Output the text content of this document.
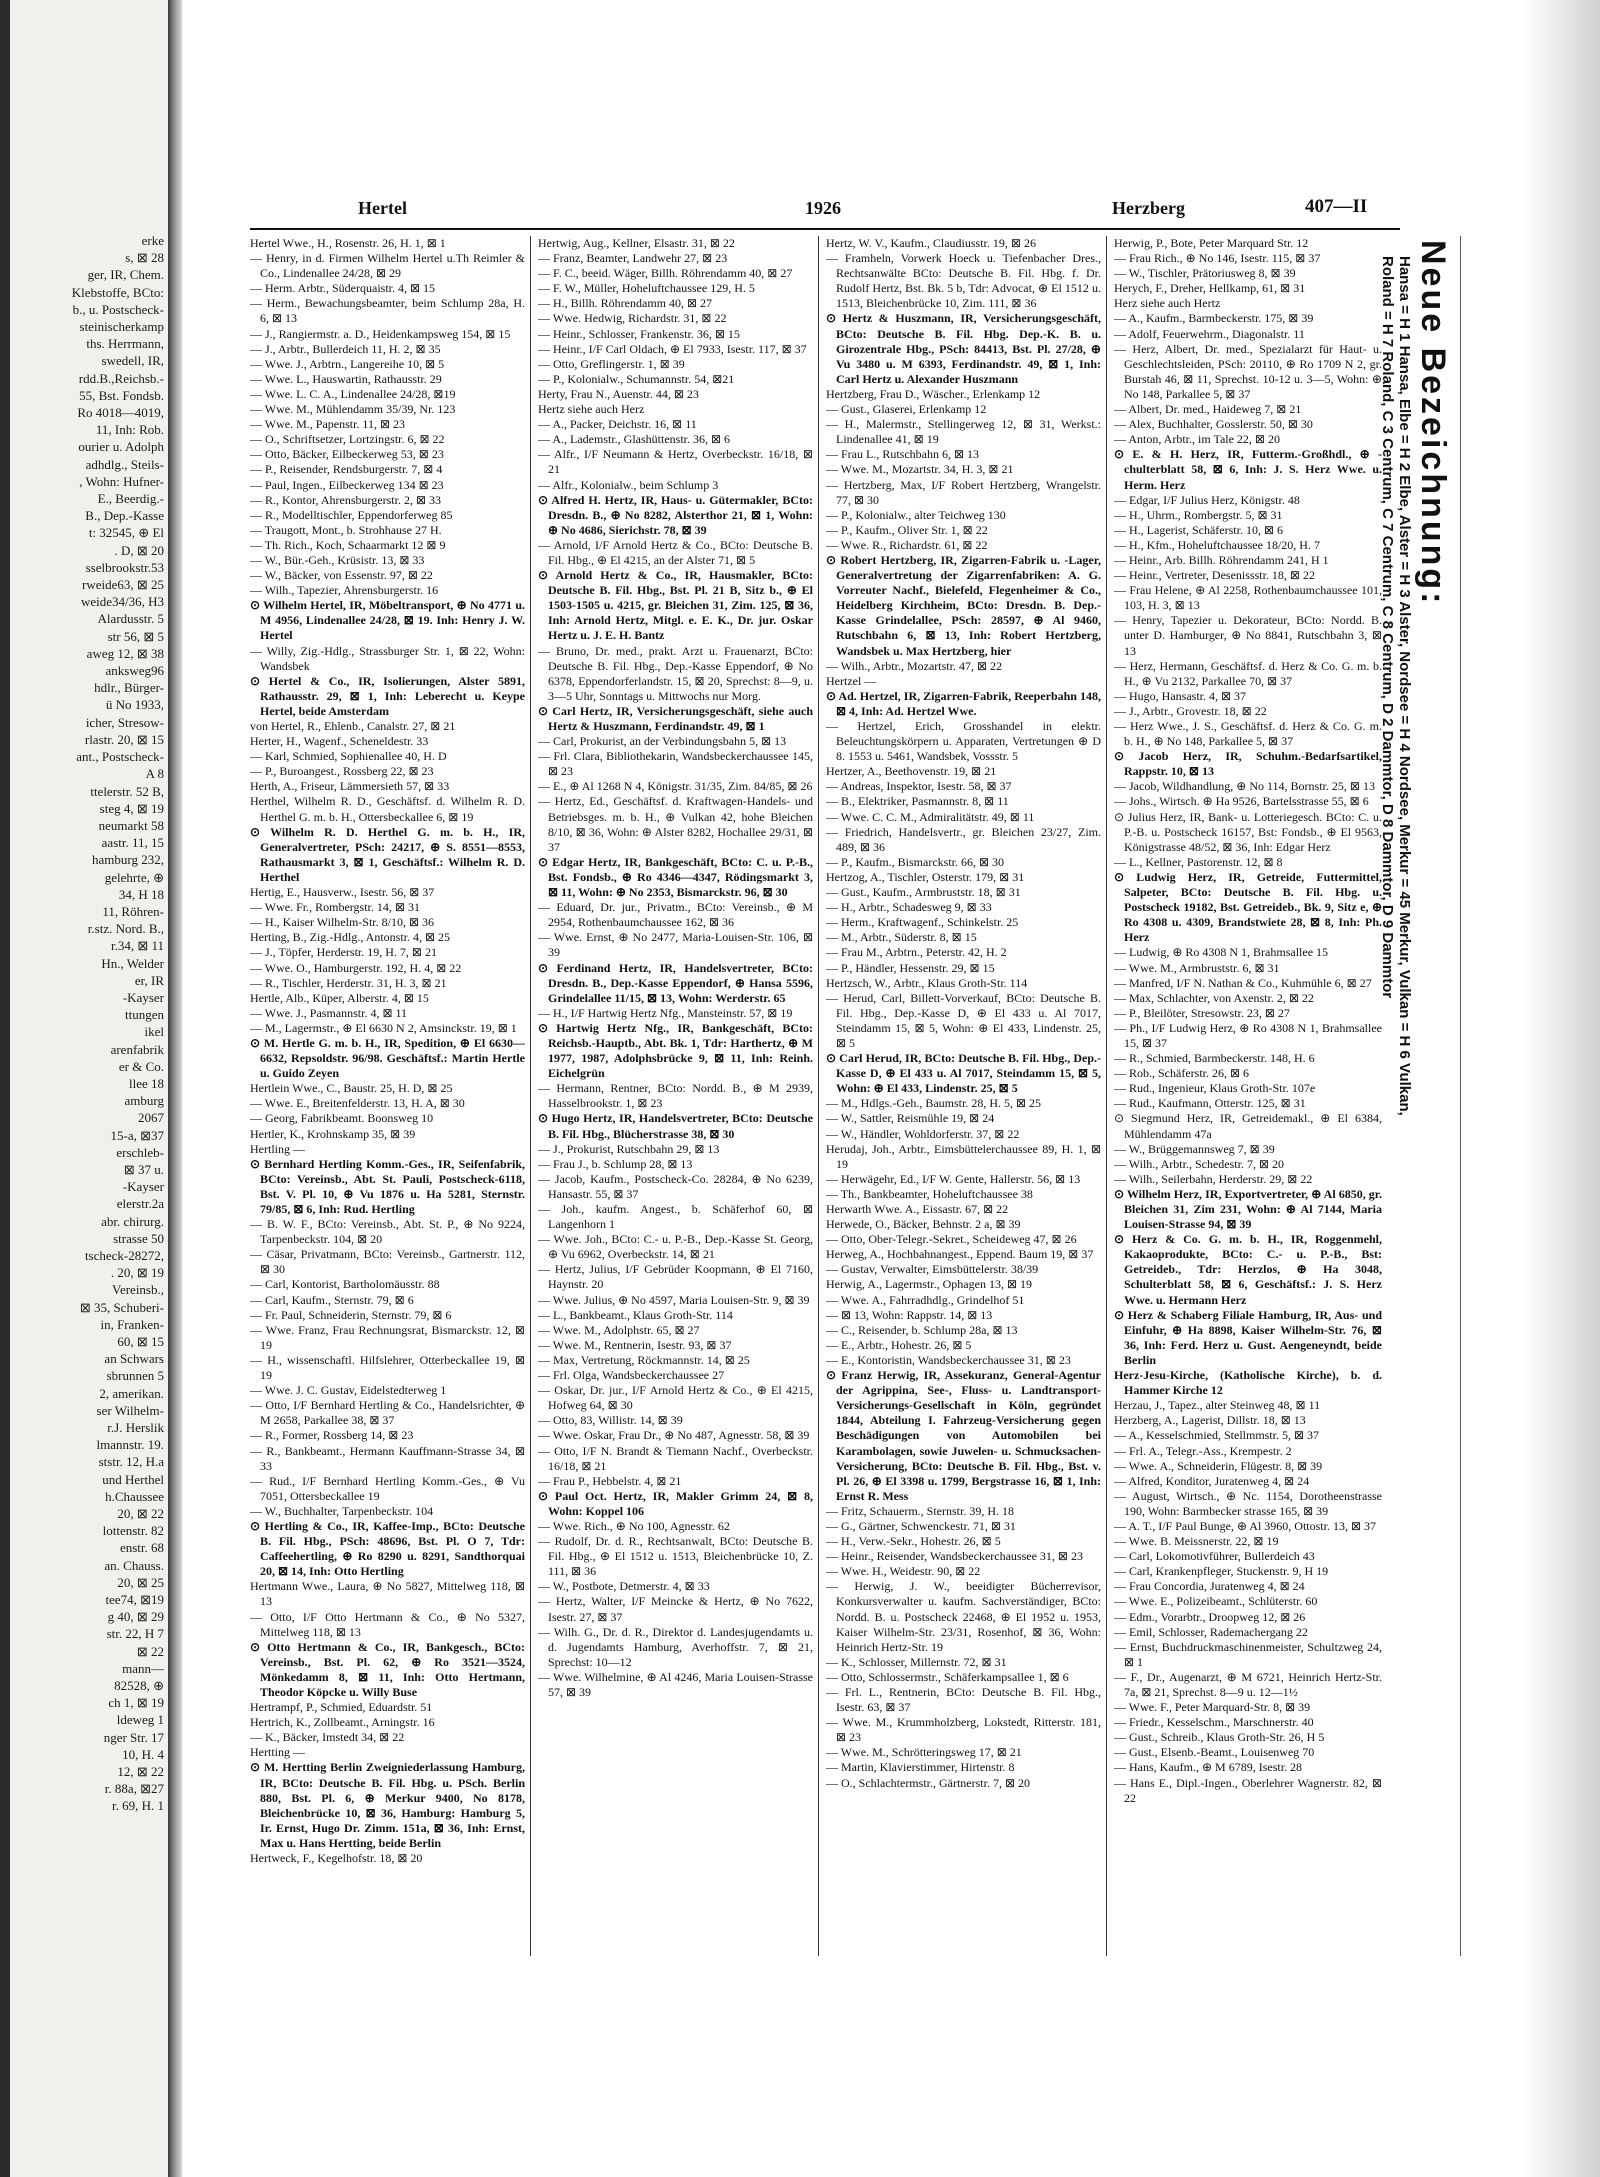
erke
s, ⊠ 28
ger, IR, Chem.
Klebstoffe, BCto:
b., u. Postscheck-
steinischerkamp
ths. Herrmann,
swedell, IR,
rdd.B.,Reichsb.-
55, Bst. Fondsb.
Ro 4018—4019,
11, Inh: Rob.
ourier u. Adolph
adhdlg., Steils-
, Wohn: Hufner-
E., Beerdig.-
B., Dep.-Kasse
t: 32545, ⊕ El
. D, ⊠ 20
sselbrookstr.53
rweide63, ⊠ 25
weide34/36, H3
Alardusstr. 5
str 56, ⊠ 5
aweg 12, ⊠ 38
anksweg96
hdlr., Bürger-
ü No 1933,
icher, Stresow-
rlastr. 20, ⊠ 15
ant., Postscheck-
A 8
ttelerstr. 52 B,
steg 4, ⊠ 19
neumarkt 58
aastr. 11, 15
hamburg 232,
gelehrte, ⊕
34, H 18
11, Röhren-
r.stz. Nord. B.,
r.34, ⊠ 11
Hn., Welder
er, IR
-Kayser
ttungen
ikel
arenfabrik
er & Co.
llee 18
amburg
2067
15-a, ⊠37
erschleb-
⊠ 37 u.
-Kayser
elerstr.2a
abr. chirurg.
strasse 50
tscheck-28272,
. 20, ⊠ 19
Vereinsb.,
⊠ 35, Schuberi-
in, Franken-
60, ⊠ 15
an Schwars
sbrunnen 5
2, amerikan.
ser Wilhelm-
r.J. Herslik
lmannstr. 19.
ststr. 12, H.a
und Herthel
h.Chaussee
20, ⊠ 22
lottenstr. 82
enstr. 68
an. Chauss.
20, ⊠ 25
tee74, ⊠19
g 40, ⊠ 29
str. 22, H 7
⊠ 22
mann—
82528, ⊕
ch 1, ⊠ 19
ldeweg 1
nger Str. 17
10, H. 4
12, ⊠ 22
r. 88a, ⊠27
r. 69, H. 1
Hertel	1926	Herzberg	407—II

Hertel Wwe., H., Rosenstr. 26, H. 1, ⊠ 1

— Henry, in d. Firmen Wilhelm Hertel u.Th Reimler & Co., Lindenallee 24/28, ⊠ 29

— Herm. Arbtr., Süderquaistr. 4, ⊠ 15

— Herm., Bewachungsbeamter, beim Schlump 28a, H. 6, ⊠ 13

— J., Rangiermstr. a. D., Heidenkampsweg 154, ⊠ 15

— J., Arbtr., Bullerdeich 11, H. 2, ⊠ 35

— Wwe. J., Arbtrn., Langereihe 10, ⊠ 5

— Wwe. L., Hauswartin, Rathausstr. 29

— Wwe. L. C. A., Lindenallee 24/28, ⊠19

— Wwe. M., Mühlendamm 35/39, Nr. 123

— Wwe. M., Papenstr. 11, ⊠ 23

— O., Schriftsetzer, Lortzingstr. 6, ⊠ 22

— Otto, Bäcker, Eilbeckerweg 53, ⊠ 23

— P., Reisender, Rendsburgerstr. 7, ⊠ 4

— Paul, Ingen., Eilbeckerweg 134 ⊠ 23

— R., Kontor, Ahrensburgerstr. 2, ⊠ 33

— R., Modelltischler, Eppendorferweg 85

— Traugott, Mont., b. Strohhause 27 H.

— Th. Rich., Koch, Schaarmarkt 12 ⊠ 9

— W., Bür.-Geh., Krüsistr. 13, ⊠ 33

— W., Bäcker, von Essenstr. 97, ⊠ 22

— Wilh., Tapezier, Ahrensburgerstr. 16

⊙ Wilhelm Hertel, IR, Möbeltransport, ⊕ No 4771 u. M 4956, Lindenallee 24/28, ⊠ 19. Inh: Henry J. W. Hertel

— Willy, Zig.-Hdlg., Strassburger Str. 1, ⊠ 22, Wohn: Wandsbek

⊙ Hertel & Co., IR, Isolierungen, Alster 5891, Rathausstr. 29, ⊠ 1, Inh: Leberecht u. Keype Hertel, beide Amsterdam

von Hertel, R., Ehlenb., Canalstr. 27, ⊠ 21

Herter, H., Wagenf., Scheneldestr. 33

— Karl, Schmied, Sophienallee 40, H. D

— P., Buroangest., Rossberg 22, ⊠ 23

Herth, A., Friseur, Lämmersieth 57, ⊠ 33

Herthel, Wilhelm R. D., Geschäftsf. d. Wilhelm R. D. Herthel G. m. b. H., Ottersbeckallee 6, ⊠ 19

⊙ Wilhelm R. D. Herthel G. m. b. H., IR, Generalvertreter, PSch: 24217, ⊕ S. 8551—8553, Rathausmarkt 3, ⊠ 1, Geschäftsf.: Wilhelm R. D. Herthel

Hertig, E., Hausverw., Isestr. 56, ⊠ 37

— Wwe. Fr., Rombergstr. 14, ⊠ 31

— H., Kaiser Wilhelm-Str. 8/10, ⊠ 36

Herting, B., Zig.-Hdlg., Antonstr. 4, ⊠ 25

— J., Töpfer, Herderstr. 19, H. 7, ⊠ 21

— Wwe. O., Hamburgerstr. 192, H. 4, ⊠ 22

— R., Tischler, Herderstr. 31, H. 3, ⊠ 21

Hertle, Alb., Küper, Alberstr. 4, ⊠ 15

— Wwe. J., Pasmannstr. 4, ⊠ 11

— M., Lagermstr., ⊕ El 6630 N 2, Amsinckstr. 19, ⊠ 1

⊙ M. Hertle G. m. b. H., IR, Spedition, ⊕ El 6630—6632, Repsoldstr. 96/98. Geschäftsf.: Martin Hertle u. Guido Zeyen

Hertlein Wwe., C., Baustr. 25, H. D, ⊠ 25

— Wwe. E., Breitenfelderstr. 13, H. A, ⊠ 30

— Georg, Fabrikbeamt. Boonsweg 10

Hertler, K., Krohnskamp 35, ⊠ 39

Hertling —

⊙ Bernhard Hertling Komm.-Ges., IR, Seifenfabrik, BCto: Vereinsb., Abt. St. Pauli, Postscheck-6118, Bst. V. Pl. 10, ⊕ Vu 1876 u. Ha 5281, Sternstr. 79/85, ⊠ 6, Inh: Rud. Hertling

— B. W. F., BCto: Vereinsb., Abt. St. P., ⊕ No 9224, Tarpenbeckstr. 104, ⊠ 20

— Cäsar, Privatmann, BCto: Vereinsb., Gartnerstr. 112, ⊠ 30

— Carl, Kontorist, Bartholomäusstr. 88

— Carl, Kaufm., Sternstr. 79, ⊠ 6

— Fr. Paul, Schneiderin, Sternstr. 79, ⊠ 6

— Wwe. Franz, Frau Rechnungsrat, Bismarckstr. 12, ⊠ 19

— H., wissenschaftl. Hilfslehrer, Otterbeckallee 19, ⊠ 19

— Wwe. J. C. Gustav, Eidelstedterweg 1

— Otto, I/F Bernhard Hertling & Co., Handelsrichter, ⊕ M 2658, Parkallee 38, ⊠ 37

— R., Former, Rossberg 14, ⊠ 23

— R., Bankbeamt., Hermann Kauffmann-Strasse 34, ⊠ 33

— Rud., I/F Bernhard Hertling Komm.-Ges., ⊕ Vu 7051, Ottersbeckallee 19

— W., Buchhalter, Tarpenbeckstr. 104

⊙ Hertling & Co., IR, Kaffee-Imp., BCto: Deutsche B. Fil. Hbg., PSch: 48696, Bst. Pl. O 7, Tdr: Caffeehertling, ⊕ Ro 8290 u. 8291, Sandthorquai 20, ⊠ 14, Inh: Otto Hertling

Hertmann Wwe., Laura, ⊕ No 5827, Mittelweg 118, ⊠ 13

— Otto, I/F Otto Hertmann & Co., ⊕ No 5327, Mittelweg 118, ⊠ 13

⊙ Otto Hertmann & Co., IR, Bankgesch., BCto: Vereinsb., Bst. Pl. 62, ⊕ Ro 3521—3524, Mönkedamm 8, ⊠ 11, Inh: Otto Hertmann, Theodor Köpcke u. Willy Buse

Hertrampf, P., Schmied, Eduardstr. 51

Hertrich, K., Zollbeamt., Arningstr. 16

— K., Bäcker, Imstedt 34, ⊠ 22

Hertting —

⊙ M. Hertting Berlin Zweigniederlassung Hamburg, IR, BCto: Deutsche B. Fil. Hbg. u. PSch. Berlin 880, Bst. Pl. 6, ⊕ Merkur 9400, No 8178, Bleichenbrücke 10, ⊠ 36, Hamburg: Hamburg 5, Ir. Ernst, Hugo Dr. Zimm. 151a, ⊠ 36, Inh: Ernst, Max u. Hans Hertting, beide Berlin

Hertweck, F., Kegelhofstr. 18, ⊠ 20

Hertwig, Aug., Kellner, Elsastr. 31, ⊠ 22

— Franz, Beamter, Landwehr 27, ⊠ 23

— F. C., beeid. Wäger, Billh. Röhrendamm 40, ⊠ 27

— F. W., Müller, Hoheluftchaussee 129, H. 5

— H., Billh. Röhrendamm 40, ⊠ 27

— Wwe. Hedwig, Richardstr. 31, ⊠ 22

— Heinr., Schlosser, Frankenstr. 36, ⊠ 15

— Heinr., I/F Carl Oldach, ⊕ El 7933, Isestr. 117, ⊠ 37

— Otto, Greflingerstr. 1, ⊠ 39

— P., Kolonialw., Schumannstr. 54, ⊠21

Herty, Frau N., Auenstr. 44, ⊠ 23

Hertz siehe auch Herz

— A., Packer, Deichstr. 16, ⊠ 11

— A., Lademstr., Glashüttenstr. 36, ⊠ 6

— Alfr., I/F Neumann & Hertz, Overbeckstr. 16/18, ⊠ 21

— Alfr., Kolonialw., beim Schlump 3

⊙ Alfred H. Hertz, IR, Haus- u. Gütermakler, BCto: Dresdn. B., ⊕ No 8282, Alsterthor 21, ⊠ 1, Wohn: ⊕ No 4686, Sierichstr. 78, ⊠ 39

— Arnold, I/F Arnold Hertz & Co., BCto: Deutsche B. Fil. Hbg., ⊕ El 4215, an der Alster 71, ⊠ 5

⊙ Arnold Hertz & Co., IR, Hausmakler, BCto: Deutsche B. Fil. Hbg., Bst. Pl. 21 B, Sitz b., ⊕ El 1503-1505 u. 4215, gr. Bleichen 31, Zim. 125, ⊠ 36, Inh: Arnold Hertz, Mitgl. e. E. K., Dr. jur. Oskar Hertz u. J. E. H. Bantz

— Bruno, Dr. med., prakt. Arzt u. Frauenarzt, BCto: Deutsche B. Fil. Hbg., Dep.-Kasse Eppendorf, ⊕ No 6378, Eppendorferlandstr. 15, ⊠ 20, Sprechst: 8—9, u. 3—5 Uhr, Sonntags u. Mittwochs nur Morg.

⊙ Carl Hertz, IR, Versicherungsgeschäft, siehe auch Hertz & Huszmann, Ferdinandstr. 49, ⊠ 1

— Carl, Prokurist, an der Verbindungsbahn 5, ⊠ 13

— Frl. Clara, Bibliothekarin, Wandsbeckerchaussee 145, ⊠ 23

— E., ⊕ Al 1268 N 4, Königstr. 31/35, Zim. 84/85, ⊠ 26

— Hertz, Ed., Geschäftsf. d. Kraftwagen-Handels- und Betriebsges. m. b. H., ⊕ Vulkan 42, hohe Bleichen 8/10, ⊠ 36, Wohn: ⊕ Alster 8282, Hochallee 29/31, ⊠ 37

⊙ Edgar Hertz, IR, Bankgeschäft, BCto: C. u. P.-B., Bst. Fondsb., ⊕ Ro 4346—4347, Rödingsmarkt 3, ⊠ 11, Wohn: ⊕ No 2353, Bismarckstr. 96, ⊠ 30

— Eduard, Dr. jur., Privatm., BCto: Vereinsb., ⊕ M 2954, Rothenbaumchaussee 162, ⊠ 36

— Wwe. Ernst, ⊕ No 2477, Maria-Louisen-Str. 106, ⊠ 39

⊙ Ferdinand Hertz, IR, Handelsvertreter, BCto: Dresdn. B., Dep.-Kasse Eppendorf, ⊕ Hansa 5596, Grindelallee 11/15, ⊠ 13, Wohn: Werderstr. 65

— H., I/F Hartwig Hertz Nfg., Mansteinstr. 57, ⊠ 19

⊙ Hartwig Hertz Nfg., IR, Bankgeschäft, BCto: Reichsb.-Hauptb., Abt. Bk. 1, Tdr: Harthertz, ⊕ M 1977, 1987, Adolphsbrücke 9, ⊠ 11, Inh: Reinh. Eichelgrün

— Hermann, Rentner, BCto: Nordd. B., ⊕ M 2939, Hasselbrookstr. 1, ⊠ 23

⊙ Hugo Hertz, IR, Handelsvertreter, BCto: Deutsche B. Fil. Hbg., Blücherstrasse 38, ⊠ 30

— J., Prokurist, Rutschbahn 29, ⊠ 13

— Frau J., b. Schlump 28, ⊠ 13

— Jacob, Kaufm., Postscheck-Co. 28284, ⊕ No 6239, Hansastr. 55, ⊠ 37

— Joh., kaufm. Angest., b. Schäferhof 60, ⊠ Langenhorn 1

— Wwe. Joh., BCto: C.- u. P.-B., Dep.-Kasse St. Georg, ⊕ Vu 6962, Overbeckstr. 14, ⊠ 21

— Hertz, Julius, I/F Gebrüder Koopmann, ⊕ El 7160, Haynstr. 20

— Wwe. Julius, ⊕ No 4597, Maria Louisen-Str. 9, ⊠ 39

— L., Bankbeamt., Klaus Groth-Str. 114

— Wwe. M., Adolphstr. 65, ⊠ 27

— Wwe. M., Rentnerin, Isestr. 93, ⊠ 37

— Max, Vertretung, Röckmannstr. 14, ⊠ 25

— Frl. Olga, Wandsbeckerchaussee 27

— Oskar, Dr. jur., I/F Arnold Hertz & Co., ⊕ El 4215, Hofweg 64, ⊠ 30

— Otto, 83, Willistr. 14, ⊠ 39

— Wwe. Oskar, Frau Dr., ⊕ No 487, Agnesstr. 58, ⊠ 39

— Otto, I/F N. Brandt & Tiemann Nachf., Overbeckstr. 16/18, ⊠ 21

— Frau P., Hebbelstr. 4, ⊠ 21

⊙ Paul Oct. Hertz, IR, Makler Grimm 24, ⊠ 8, Wohn: Koppel 106

— Wwe. Rich., ⊕ No 100, Agnesstr. 62

— Rudolf, Dr. d. R., Rechtsanwalt, BCto: Deutsche B. Fil. Hbg., ⊕ El 1512 u. 1513, Bleichenbrücke 10, Z. 111, ⊠ 36

— W., Postbote, Detmerstr. 4, ⊠ 33

— Hertz, Walter, I/F Meincke & Hertz, ⊕ No 7622, Isestr. 27, ⊠ 37

— Wilh. G., Dr. d. R., Direktor d. Landesjugendamts u. d. Jugendamts Hamburg, Averhoffstr. 7, ⊠ 21, Sprechst: 10—12

— Wwe. Wilhelmine, ⊕ Al 4246, Maria Louisen-Strasse 57, ⊠ 39

Hertz, W. V., Kaufm., Claudiusstr. 19, ⊠ 26

— Framheln, Vorwerk Hoeck u. Tiefenbacher Dres., Rechtsanwälte BCto: Deutsche B. Fil. Hbg. f. Dr. Rudolf Hertz, Bst. Bk. 5 b, Tdr: Advocat, ⊕ El 1512 u. 1513, Bleichenbrücke 10, Zim. 111, ⊠ 36

⊙ Hertz & Huszmann, IR, Versicherungsgeschäft, BCto: Deutsche B. Fil. Hbg. Dep.-K. B. u. Girozentrale Hbg., PSch: 84413, Bst. Pl. 27/28, ⊕ Vu 3480 u. M 6393, Ferdinandstr. 49, ⊠ 1, Inh: Carl Hertz u. Alexander Huszmann

Hertzberg, Frau D., Wäscher., Erlenkamp 12

— Gust., Glaserei, Erlenkamp 12

— H., Malermstr., Stellingerweg 12, ⊠ 31, Werkst.: Lindenallee 41, ⊠ 19

— Frau L., Rutschbahn 6, ⊠ 13

— Wwe. M., Mozartstr. 34, H. 3, ⊠ 21

— Hertzberg, Max, I/F Robert Hertzberg, Wrangelstr. 77, ⊠ 30

— P., Kolonialw., alter Teichweg 130

— P., Kaufm., Oliver Str. 1, ⊠ 22

— Wwe. R., Richardstr. 61, ⊠ 22

⊙ Robert Hertzberg, IR, Zigarren-Fabrik u. -Lager, Generalvertretung der Zigarrenfabriken: A. G. Vorreuter Nachf., Bielefeld, Flegenheimer & Co., Heidelberg Kirchheim, BCto: Dresdn. B. Dep.-Kasse Grindelallee, PSch: 28597, ⊕ Al 9460, Rutschbahn 6, ⊠ 13, Inh: Robert Hertzberg, Wandsbek u. Max Hertzberg, hier

— Wilh., Arbtr., Mozartstr. 47, ⊠ 22

Hertzel —

⊙ Ad. Hertzel, IR, Zigarren-Fabrik, Reeperbahn 148, ⊠ 4, Inh: Ad. Hertzel Wwe.

— Hertzel, Erich, Grosshandel in elektr. Beleuchtungskörpern u. Apparaten, Vertretungen ⊕ D 8. 1553 u. 5461, Wandsbek, Vossstr. 5

Hertzer, A., Beethovenstr. 19, ⊠ 21

— Andreas, Inspektor, Isestr. 58, ⊠ 37

— B., Elektriker, Pasmannstr. 8, ⊠ 11

— Wwe. C. C. M., Admiralitätstr. 49, ⊠ 11

— Friedrich, Handelsvertr., gr. Bleichen 23/27, Zim. 489, ⊠ 36

— P., Kaufm., Bismarckstr. 66, ⊠ 30

Hertzog, A., Tischler, Osterstr. 179, ⊠ 31

— Gust., Kaufm., Armbruststr. 18, ⊠ 31

— H., Arbtr., Schadesweg 9, ⊠ 33

— Herm., Kraftwagenf., Schinkelstr. 25

— M., Arbtr., Süderstr. 8, ⊠ 15

— Frau M., Arbtrn., Peterstr. 42, H. 2

— P., Händler, Hessenstr. 29, ⊠ 15

Hertzsch, W., Arbtr., Klaus Groth-Str. 114

— Herud, Carl, Billett-Vorverkauf, BCto: Deutsche B. Fil. Hbg., Dep.-Kasse D, ⊕ El 433 u. Al 7017, Steindamm 15, ⊠ 5, Wohn: ⊕ El 433, Lindenstr. 25, ⊠ 5

⊙ Carl Herud, IR, BCto: Deutsche B. Fil. Hbg., Dep.-Kasse D, ⊕ El 433 u. Al 7017, Steindamm 15, ⊠ 5, Wohn: ⊕ El 433, Lindenstr. 25, ⊠ 5

— M., Hdlgs.-Geh., Baumstr. 28, H. 5, ⊠ 25

— W., Sattler, Reismühle 19, ⊠ 24

— W., Händler, Wohldorferstr. 37, ⊠ 22

Herudaj, Joh., Arbtr., Eimsbüttelerchaussee 89, H. 1, ⊠ 19

— Herwägehr, Ed., I/F W. Gente, Hallerstr. 56, ⊠ 13

— Th., Bankbeamter, Hoheluftchaussee 38

Herwarth Wwe. A., Eissastr. 67, ⊠ 22

Herwede, O., Bäcker, Behnstr. 2 a, ⊠ 39

— Otto, Ober-Telegr.-Sekret., Scheideweg 47, ⊠ 26

Herweg, A., Hochbahnangest., Eppend. Baum 19, ⊠ 37

— Gustav, Verwalter, Eimsbüttelerstr. 38/39

Herwig, A., Lagermstr., Ophagen 13, ⊠ 19

— Wwe. A., Fahrradhdlg., Grindelhof 51

— ⊠ 13, Wohn: Rappstr. 14, ⊠ 13

— C., Reisender, b. Schlump 28a, ⊠ 13

— E., Arbtr., Hohestr. 26, ⊠ 5

— E., Kontoristin, Wandsbeckerchaussee 31, ⊠ 23

⊙ Franz Herwig, IR, Assekuranz, General-Agentur der Agrippina, See-, Fluss- u. Landtransport-Versicherungs-Gesellschaft in Köln, gegründet 1844, Abteilung I. Fahrzeug-Versicherung gegen Beschädigungen von Automobilen bei Karambolagen, sowie Juwelen- u. Schmucksachen-Versicherung, BCto: Deutsche B. Fil. Hbg., Bst. v. Pl. 26, ⊕ El 3398 u. 1799, Bergstrasse 16, ⊠ 1, Inh: Ernst R. Mess

— Fritz, Schauerm., Sternstr. 39, H. 18

— G., Gärtner, Schwenckestr. 71, ⊠ 31

— H., Verw.-Sekr., Hohestr. 26, ⊠ 5

— Heinr., Reisender, Wandsbeckerchaussee 31, ⊠ 23

— Wwe. H., Weidestr. 90, ⊠ 22

— Herwig, J. W., beeidigter Bücherrevisor, Konkursverwalter u. kaufm. Sachverständiger, BCto: Nordd. B. u. Postscheck 22468, ⊕ El 1952 u. 1953, Kaiser Wilhelm-Str. 23/31, Rosenhof, ⊠ 36, Wohn: Heinrich Hertz-Str. 19

— K., Schlosser, Millernstr. 72, ⊠ 31

— Otto, Schlossermstr., Schäferkampsallee 1, ⊠ 6

— Frl. L., Rentnerin, BCto: Deutsche B. Fil. Hbg., Isestr. 63, ⊠ 37

— Wwe. M., Krummholzberg, Lokstedt, Ritterstr. 181, ⊠ 23

— Wwe. M., Schrötteringsweg 17, ⊠ 21

— Martin, Klavierstimmer, Hirtenstr. 8

— O., Schlachtermstr., Gärtnerstr. 7, ⊠ 20

Herwig, P., Bote, Peter Marquard Str. 12

— Frau Rich., ⊕ No 146, Isestr. 115, ⊠ 37

— W., Tischler, Prätoriusweg 8, ⊠ 39

Herych, F., Dreher, Hellkamp, 61, ⊠ 31

Herz siehe auch Hertz

— A., Kaufm., Barmbeckerstr. 175, ⊠ 39

— Adolf, Feuerwehrm., Diagonalstr. 11

— Herz, Albert, Dr. med., Spezialarzt für Haut- u. Geschlechtsleiden, PSch: 20110, ⊕ Ro 1709 N 2, gr. Burstah 46, ⊠ 11, Sprechst. 10-12 u. 3—5, Wohn: ⊕ No 148, Parkallee 5, ⊠ 37

— Albert, Dr. med., Haideweg 7, ⊠ 21

— Alex, Buchhalter, Gosslerstr. 50, ⊠ 30

— Anton, Arbtr., im Tale 22, ⊠ 20

⊙ E. & H. Herz, IR, Futterm.-Großhdl., ⊕ -chulterblatt 58, ⊠ 6, Inh: J. S. Herz Wwe. u. Herm. Herz

— Edgar, I/F Julius Herz, Königstr. 48

— H., Uhrm., Rombergstr. 5, ⊠ 31

— H., Lagerist, Schäferstr. 10, ⊠ 6

— H., Kfm., Hoheluftchaussee 18/20, H. 7

— Heinr., Arb. Billh. Röhrendamm 241, H 1

— Heinr., Vertreter, Desenissstr. 18, ⊠ 22

— Frau Helene, ⊕ Al 2258, Rothenbaumchaussee 101, 103, H. 3, ⊠ 13

— Henry, Tapezier u. Dekorateur, BCto: Nordd. B. unter D. Hamburger, ⊕ No 8841, Rutschbahn 3, ⊠ 13

— Herz, Hermann, Geschäftsf. d. Herz & Co. G. m. b. H., ⊕ Vu 2132, Parkallee 70, ⊠ 37

— Hugo, Hansastr. 4, ⊠ 37

— J., Arbtr., Grovestr. 18, ⊠ 22

— Herz Wwe., J. S., Geschäftsf. d. Herz & Co. G. m. b. H., ⊕ No 148, Parkallee 5, ⊠ 37

⊙ Jacob Herz, IR, Schuhm.-Bedarfsartikel, Rappstr. 10, ⊠ 13

— Jacob, Wildhandlung, ⊕ No 114, Bornstr. 25, ⊠ 13

— Johs., Wirtsch. ⊕ Ha 9526, Bartelsstrasse 55, ⊠ 6

⊙ Julius Herz, IR, Bank- u. Lotteriegesch. BCto: C. u. P.-B. u. Postscheck 16157, Bst: Fondsb., ⊕ El 9563, Königstrasse 48/52, ⊠ 36, Inh: Edgar Herz

— L., Kellner, Pastorenstr. 12, ⊠ 8

⊙ Ludwig Herz, IR, Getreide, Futtermittel, Salpeter, BCto: Deutsche B. Fil. Hbg. u. Postscheck 19182, Bst. Getreideb., Bk. 9, Sitz e, ⊕ Ro 4308 u. 4309, Brandstwiete 28, ⊠ 8, Inh: Ph. Herz

— Ludwig, ⊕ Ro 4308 N 1, Brahmsallee 15

— Wwe. M., Armbruststr. 6, ⊠ 31

— Manfred, I/F N. Nathan & Co., Kuhmühle 6, ⊠ 27

— Max, Schlachter, von Axenstr. 2, ⊠ 22

— P., Bleilöter, Stresowstr. 23, ⊠ 27

— Ph., I/F Ludwig Herz, ⊕ Ro 4308 N 1, Brahmsallee 15, ⊠ 37

— R., Schmied, Barmbeckerstr. 148, H. 6

— Rob., Schäferstr. 26, ⊠ 6

— Rud., Ingenieur, Klaus Groth-Str. 107e

— Rud., Kaufmann, Otterstr. 125, ⊠ 31

⊙ Siegmund Herz, IR, Getreidemakl., ⊕ El 6384, Mühlendamm 47a

— W., Brüggemannsweg 7, ⊠ 39

— Wilh., Arbtr., Schedestr. 7, ⊠ 20

— Wilh., Seilerbahn, Herderstr. 29, ⊠ 22

⊙ Wilhelm Herz, IR, Exportvertreter, ⊕ Al 6850, gr. Bleichen 31, Zim 231, Wohn: ⊕ Al 7144, Maria Louisen-Strasse 94, ⊠ 39

⊙ Herz & Co. G. m. b. H., IR, Roggenmehl, Kakaoprodukte, BCto: C.- u. P.-B., Bst: Getreideb., Tdr: Herzlos, ⊕ Ha 3048, Schulterblatt 58, ⊠ 6, Geschäftsf.: J. S. Herz Wwe. u. Hermann Herz

⊙ Herz & Schaberg Filiale Hamburg, IR, Aus- und Einfuhr, ⊕ Ha 8898, Kaiser Wilhelm-Str. 76, ⊠ 36, Inh: Ferd. Herz u. Gust. Aengeneyndt, beide Berlin

Herz-Jesu-Kirche, (Katholische Kirche), b. d. Hammer Kirche 12

Herzau, J., Tapez., alter Steinweg 48, ⊠ 11

Herzberg, A., Lagerist, Dillstr. 18, ⊠ 13

— A., Kesselschmied, Stellmmstr. 5, ⊠ 37

— Frl. A., Telegr.-Ass., Krempestr. 2

— Wwe. A., Schneiderin, Flügestr. 8, ⊠ 39

— Alfred, Konditor, Juratenweg 4, ⊠ 24

— August, Wirtsch., ⊕ Nc. 1154, Dorotheenstrasse 190, Wohn: Barmbecker strasse 165, ⊠ 39

— A. T., I/F Paul Bunge, ⊕ Al 3960, Ottostr. 13, ⊠ 37

— Wwe. B. Meissnerstr. 22, ⊠ 19

— Carl, Lokomotivführer, Bullerdeich 43

— Carl, Krankenpfleger, Stuckenstr. 9, H 19

— Frau Concordia, Juratenweg 4, ⊠ 24

— Wwe. E., Polizeibeamt., Schlüterstr. 60

— Edm., Vorarbtr., Droopweg 12, ⊠ 26

— Emil, Schlosser, Rademachergang 22

— Ernst, Buchdruckmaschinenmeister, Schultzweg 24, ⊠ 1

— F., Dr., Augenarzt, ⊕ M 6721, Heinrich Hertz-Str. 7a, ⊠ 21, Sprechst. 8—9 u. 12—1½

— Wwe. F., Peter Marquard-Str. 8, ⊠ 39

— Friedr., Kesselschm., Marschnerstr. 40

— Gust., Schreib., Klaus Groth-Str. 26, H 5

— Gust., Elsenb.-Beamt., Louisenweg 70

— Hans, Kaufm., ⊕ M 6789, Isestr. 28

— Hans E., Dipl.-Ingen., Oberlehrer Wagnerstr. 82, ⊠ 22

Neue Bezeichnung:
Hansa = H 1 Hansa, Elbe = H 2 Elbe, Alster = H 3 Alster, Nordsee = H 4 Nordsee, Merkur = 45 Merkur, Vulkan = H 6 Vulkan,
Roland = H 7 Roland, C 3 Centrum, C 7 Centrum, C 8 Centrum, D 2 Dammtor, D 8 Dammtor, D 9 Dammtor
